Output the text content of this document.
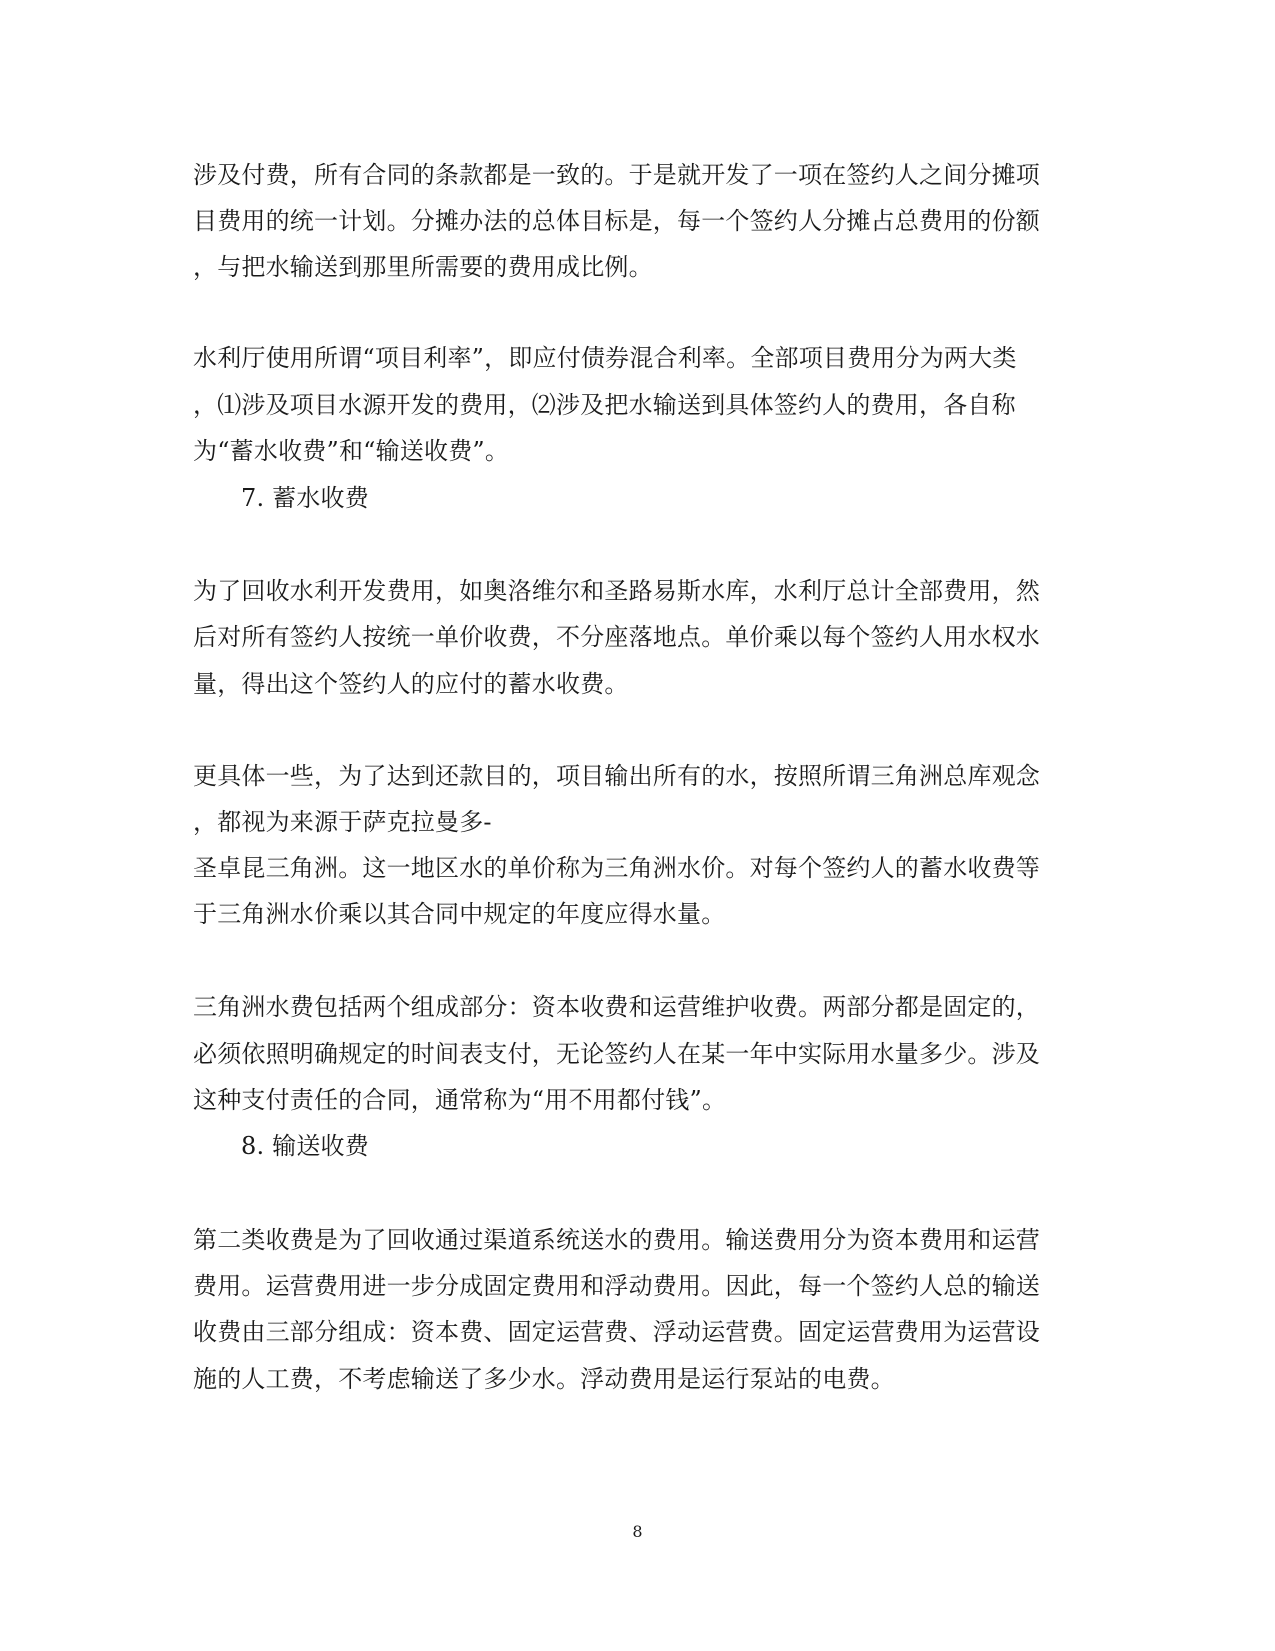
涉及付费，所有合同的条款都是一致的。于是就开发了一项在签约人之间分摊项
目费用的统一计划。分摊办法的总体目标是，每一个签约人分摊占总费用的份额
，与把水输送到那里所需要的费用成比例。
水利厅使用所谓“项目利率”，即应付债券混合利率。全部项目费用分为两大类
，⑴涉及项目水源开发的费用，⑵涉及把水输送到具体签约人的费用，各自称
为“蓄水收费”和“输送收费”。
7. 蓄水收费
为了回收水利开发费用，如奥洛维尔和圣路易斯水库，水利厅总计全部费用，然
后对所有签约人按统一单价收费，不分座落地点。单价乘以每个签约人用水权水
量，得出这个签约人的应付的蓄水收费。
更具体一些，为了达到还款目的，项目输出所有的水，按照所谓三角洲总库观念
，都视为来源于萨克拉曼多-
圣卓昆三角洲。这一地区水的单价称为三角洲水价。对每个签约人的蓄水收费等
于三角洲水价乘以其合同中规定的年度应得水量。
三角洲水费包括两个组成部分：资本收费和运营维护收费。两部分都是固定的，
必须依照明确规定的时间表支付，无论签约人在某一年中实际用水量多少。涉及
这种支付责任的合同，通常称为“用不用都付钱”。
8. 输送收费
第二类收费是为了回收通过渠道系统送水的费用。输送费用分为资本费用和运营
费用。运营费用进一步分成固定费用和浮动费用。因此，每一个签约人总的输送
收费由三部分组成：资本费、固定运营费、浮动运营费。固定运营费用为运营设
施的人工费，不考虑输送了多少水。浮动费用是运行泵站的电费。
8
